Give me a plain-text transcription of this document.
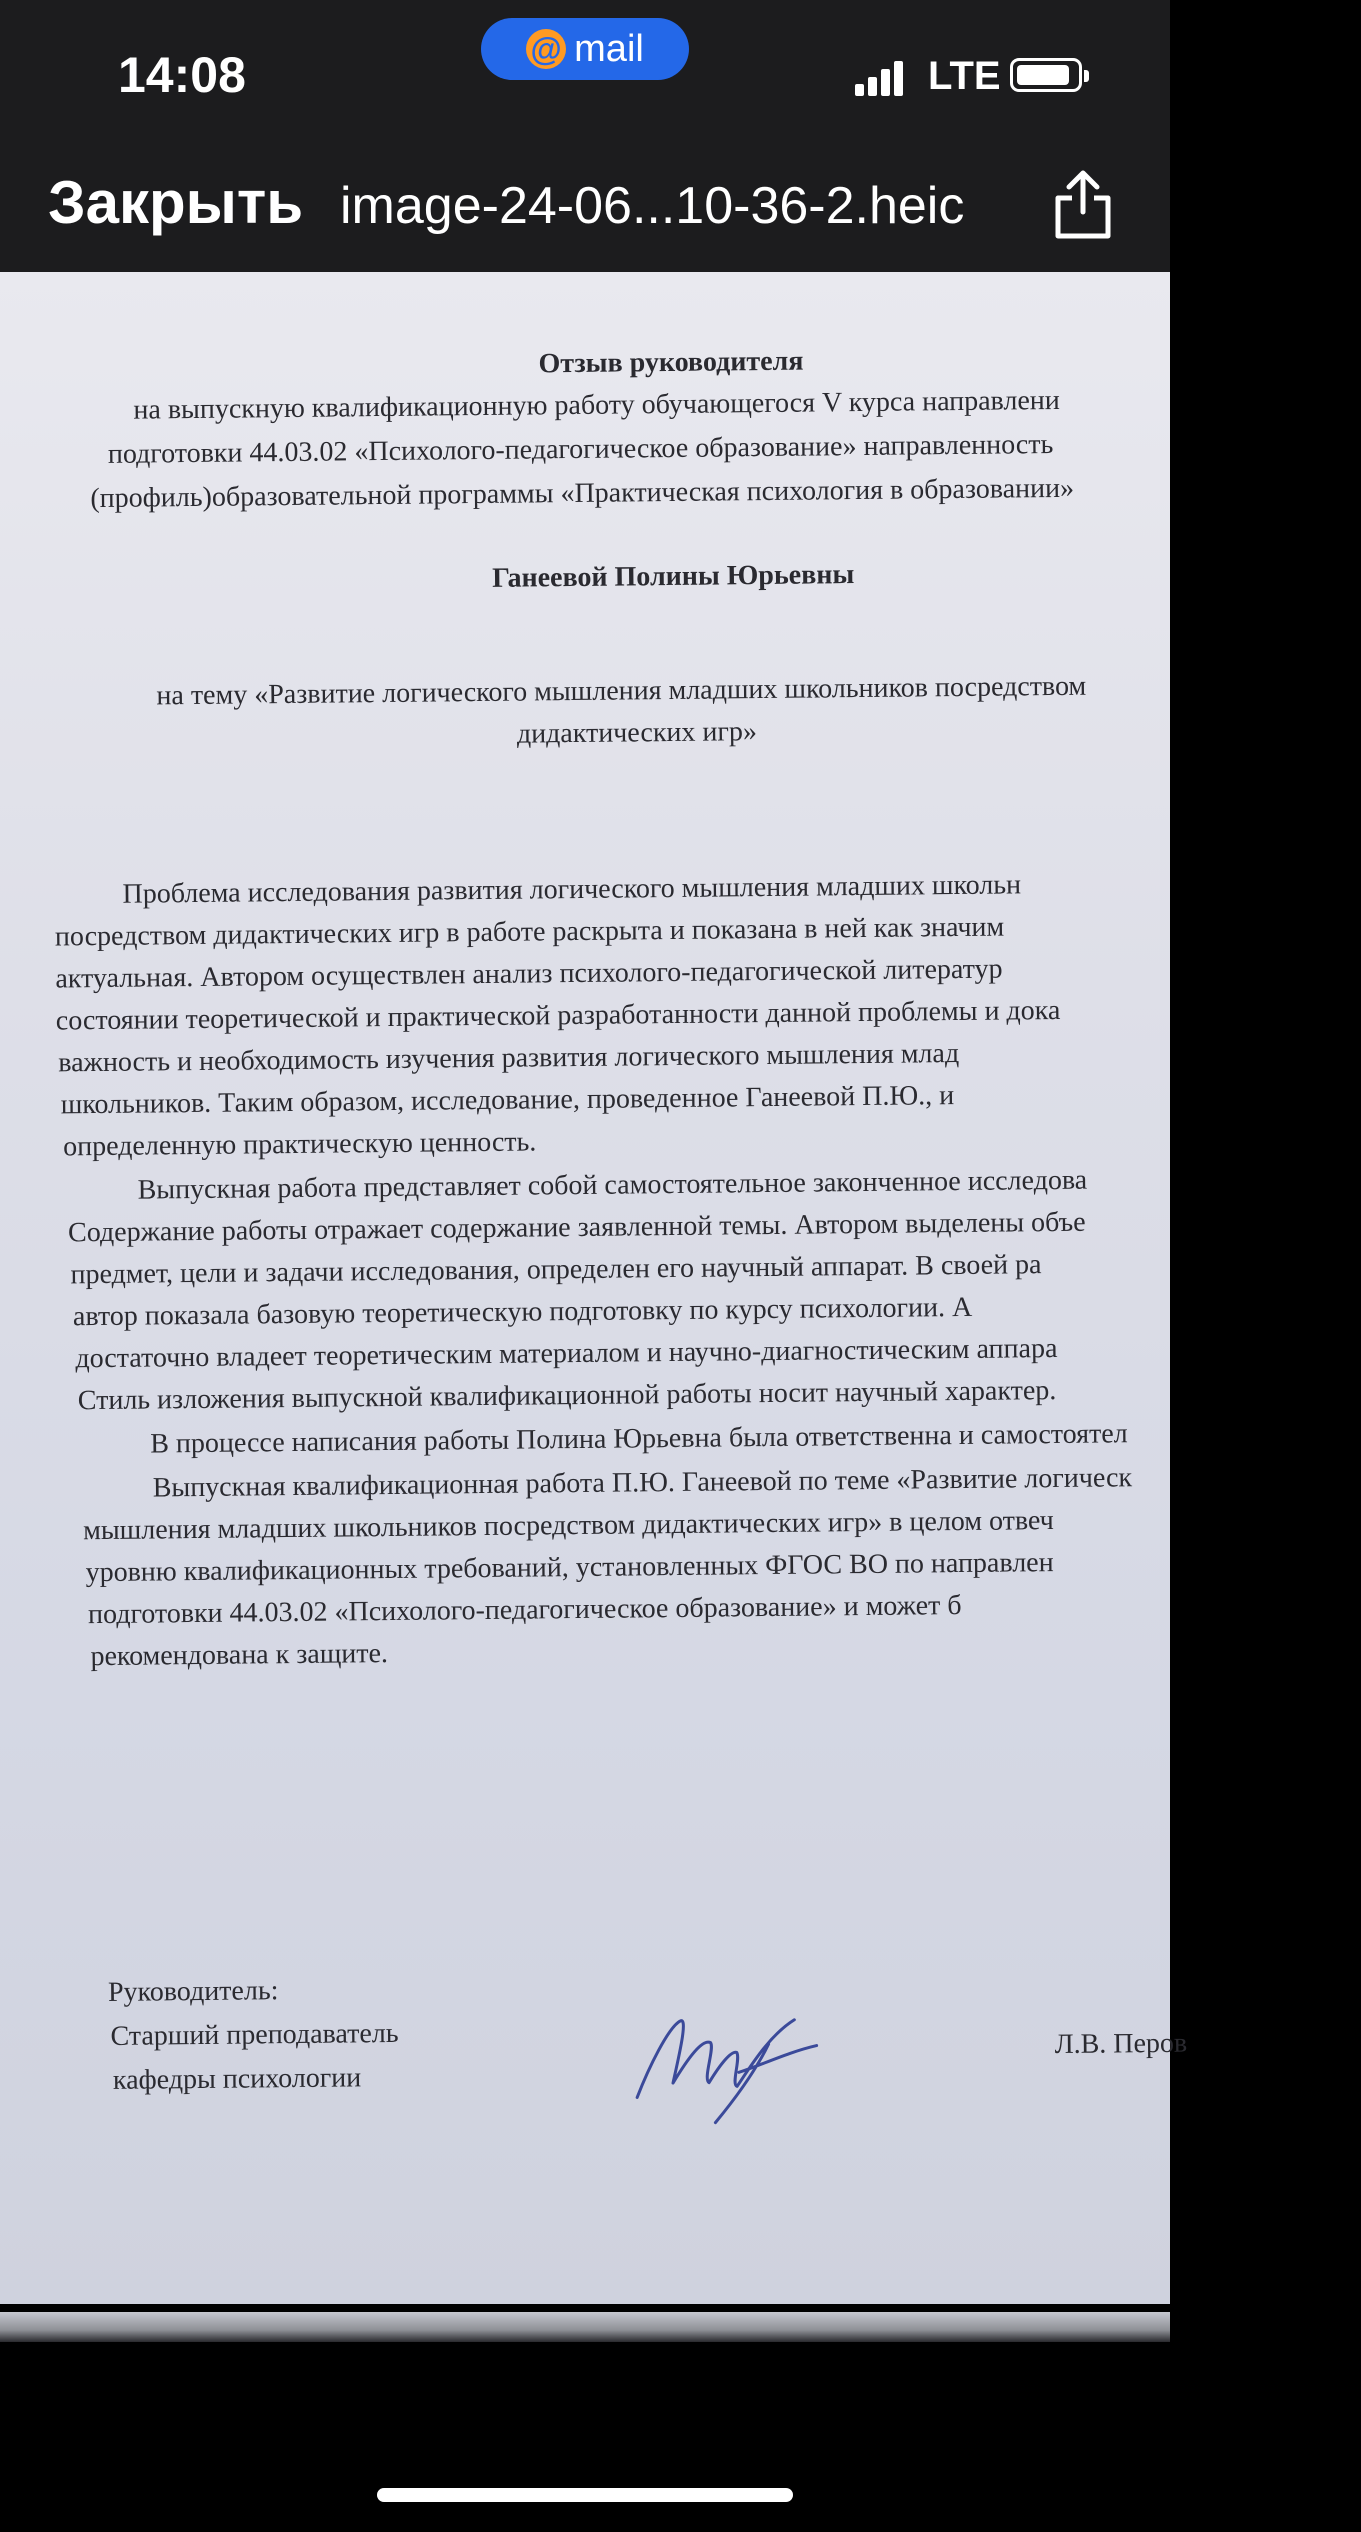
14:08	@ mail
LTE
Закрыть image-24-06...10-36-2.heic
Отзыв руководителя
на выпускную квалификационную работу обучающегося V курса направлени
подготовки 44.03.02 «Психолого-педагогическое образование» направленность
(профиль)образовательной программы «Практическая психология в образовании»
Ганеевой Полины Юрьевны
на тему «Развитие логического мышления младших школьников посредством
дидактических игр»
Проблема исследования развития логического мышления младших школьн
посредством дидактических игр в работе раскрыта и показана в ней как значим
актуальная. Автором осуществлен анализ психолого-педагогической литератур
состоянии теоретической и практической разработанности данной проблемы и дока
важность и необходимость изучения развития логического мышления млад
школьников. Таким образом, исследование, проведенное Ганеевой П.Ю., и
определенную практическую ценность.
Выпускная работа представляет собой самостоятельное законченное исследова
Содержание работы отражает содержание заявленной темы. Автором выделены объе
предмет, цели и задачи исследования, определен его научный аппарат. В своей ра
автор показала базовую теоретическую подготовку по курсу психологии. А
достаточно владеет теоретическим материалом и научно-диагностическим аппара
Стиль изложения выпускной квалификационной работы носит научный характер.
В процессе написания работы Полина Юрьевна была ответственна и самостоятел
Выпускная квалификационная работа П.Ю. Ганеевой по теме «Развитие логическ
мышления младших школьников посредством дидактических игр» в целом отвеч
уровню квалификационных требований, установленных ФГОС ВО по направлен
подготовки 44.03.02 «Психолого-педагогическое образование» и может б
рекомендована к защите.
Руководитель:
Старший преподаватель
кафедры психологии
Л.В. Перов
